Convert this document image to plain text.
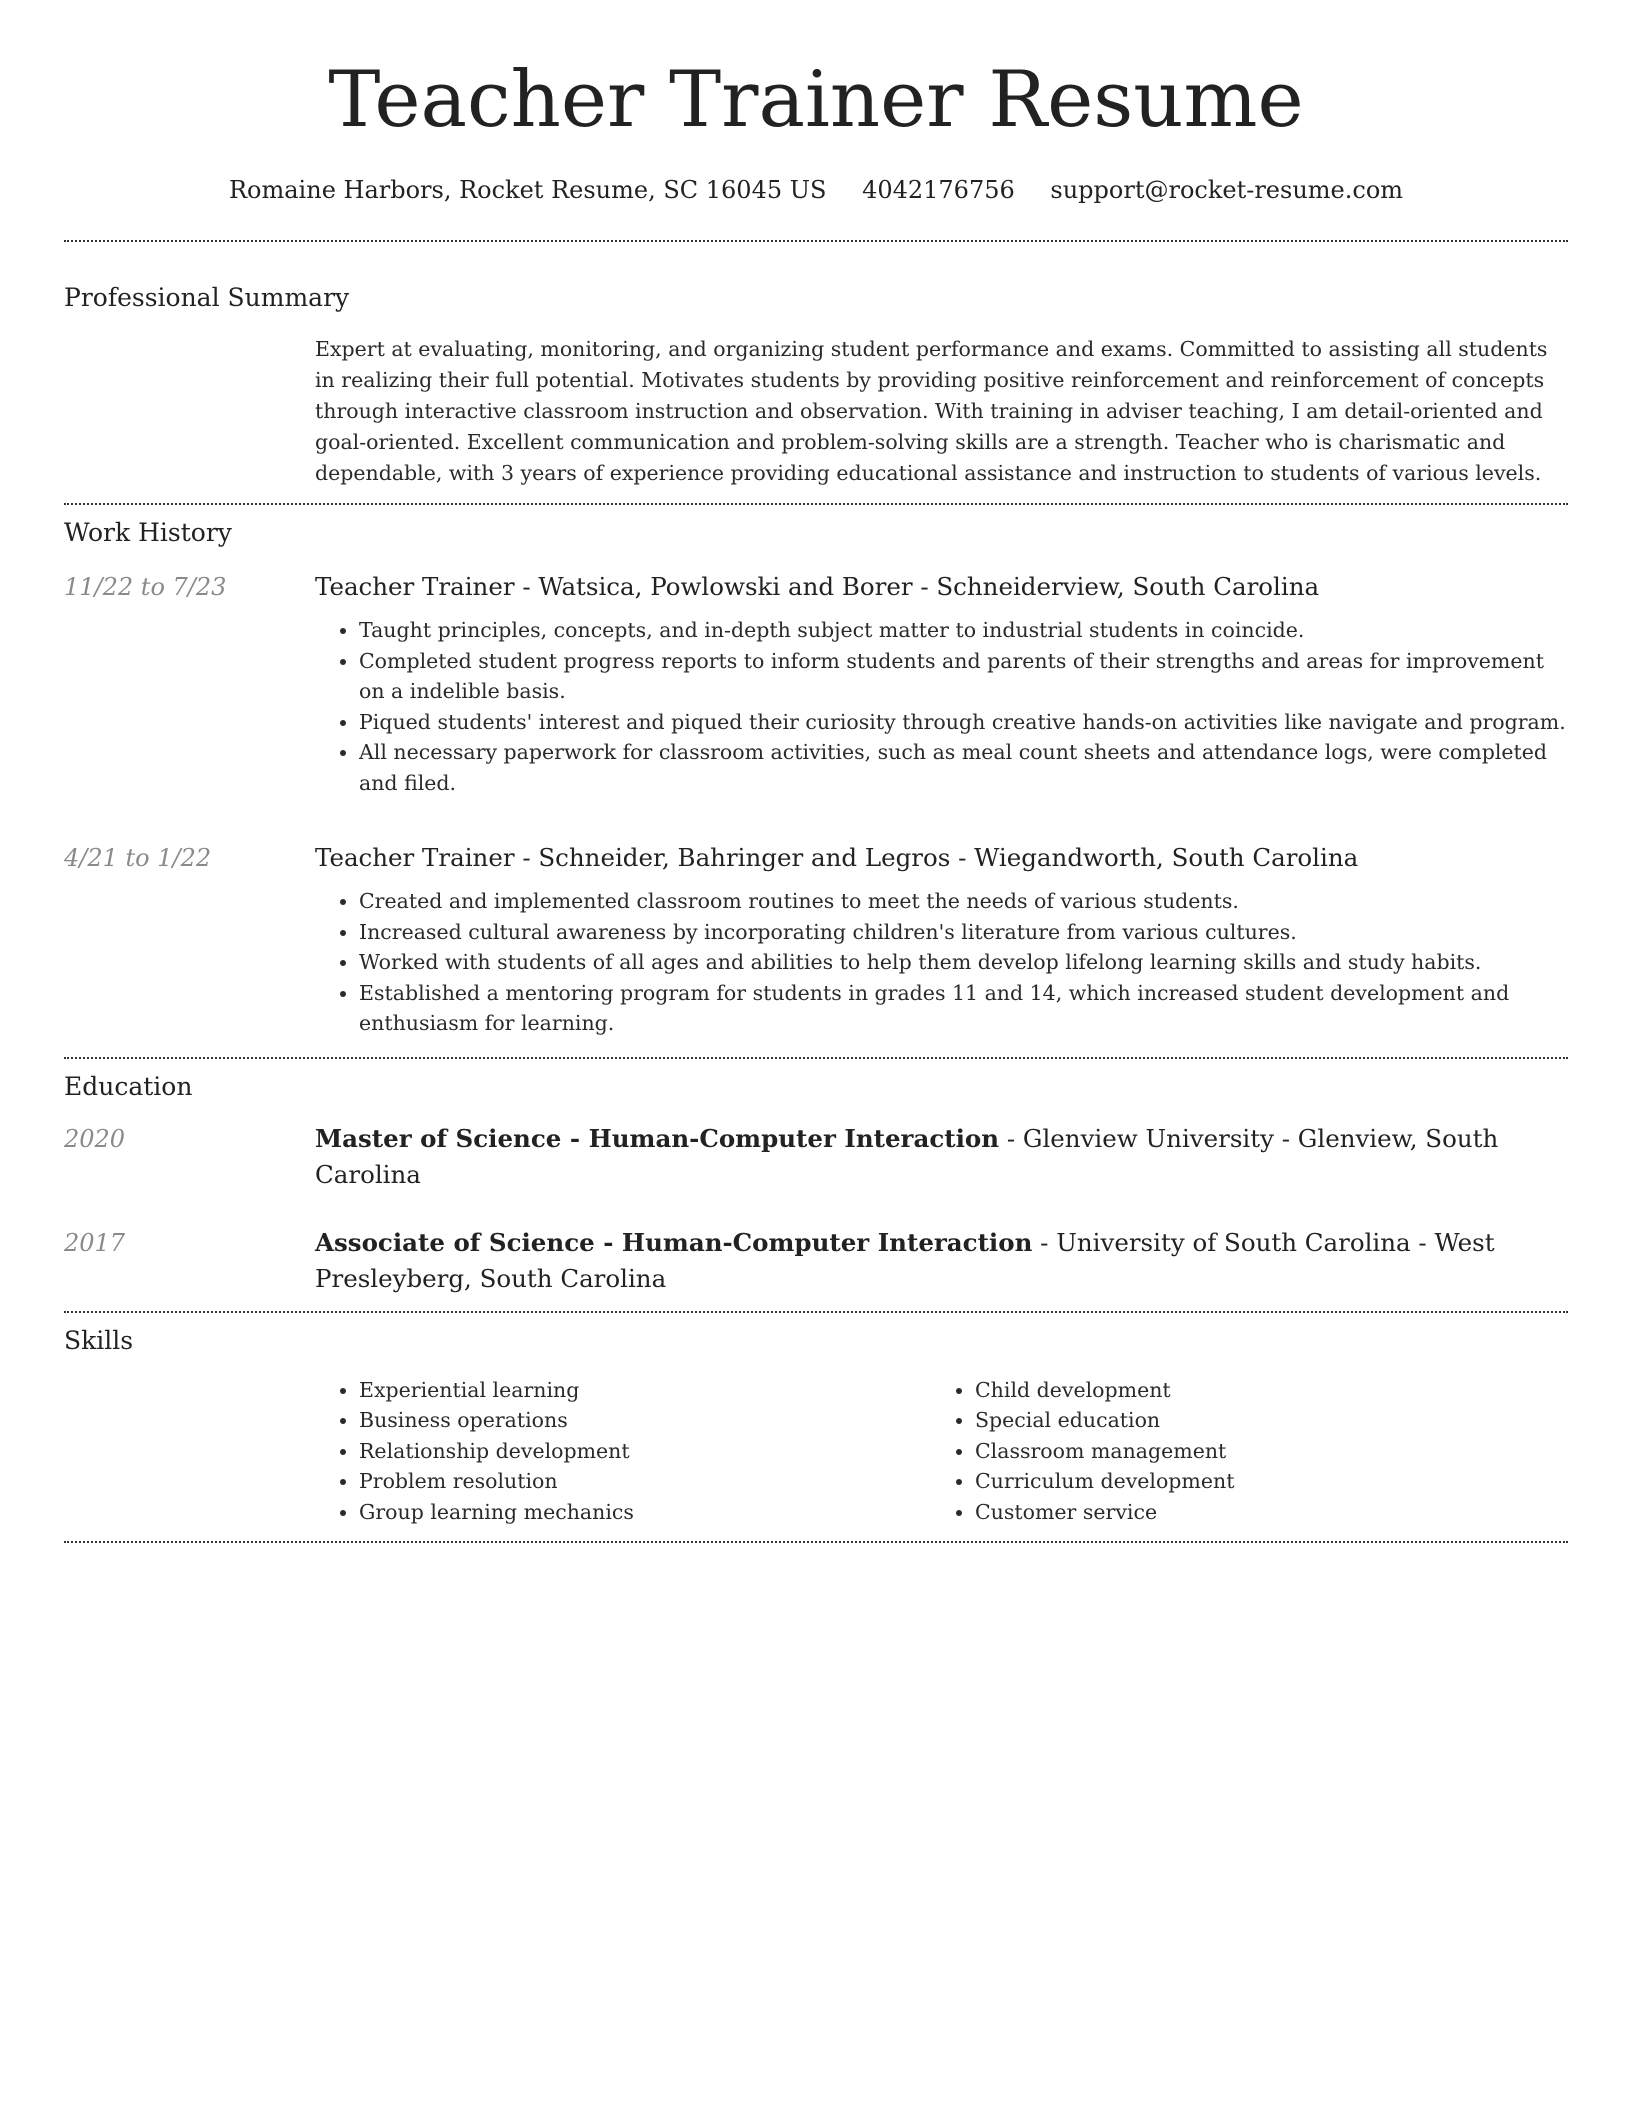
Teacher Trainer Resume
Romaine Harbors, Rocket Resume, SC 16045 US 4042176756 support@rocket-resume.com
Professional Summary

Expert at evaluating, monitoring, and organizing student performance and exams. Committed to assisting all students in realizing their full potential. Motivates students by providing positive reinforcement and reinforcement of concepts through interactive classroom instruction and observation. With training in adviser teaching, I am detail-oriented and goal-oriented. Excellent communication and problem-solving skills are a strength. Teacher who is charismatic and dependable, with 3 years of experience providing educational assistance and instruction to students of various levels.

Work History
11/22 to 7/23	Teacher Trainer - Watsica, Powlowski and Borer - Schneiderview, South Carolina
• Taught principles, concepts, and in-depth subject matter to industrial students in coincide.
• Completed student progress reports to inform students and parents of their strengths and areas for improvement on a indelible basis.
• Piqued students' interest and piqued their curiosity through creative hands-on activities like navigate and program.
• All necessary paperwork for classroom activities, such as meal count sheets and attendance logs, were completed and filed.
4/21 to 1/22	Teacher Trainer - Schneider, Bahringer and Legros - Wiegandworth, South Carolina
• Created and implemented classroom routines to meet the needs of various students.
• Increased cultural awareness by incorporating children's literature from various cultures.
• Worked with students of all ages and abilities to help them develop lifelong learning skills and study habits.
• Established a mentoring program for students in grades 11 and 14, which increased student development and enthusiasm for learning.
Education
2020	Master of Science - Human-Computer Interaction - Glenview University - Glenview, South Carolina
2017	Associate of Science - Human-Computer Interaction - University of South Carolina - West Presleyberg, South Carolina
Skills
• Experiential learning
• Business operations
• Relationship development
• Problem resolution
• Group learning mechanics
• Child development
• Special education
• Classroom management
• Curriculum development
• Customer service
